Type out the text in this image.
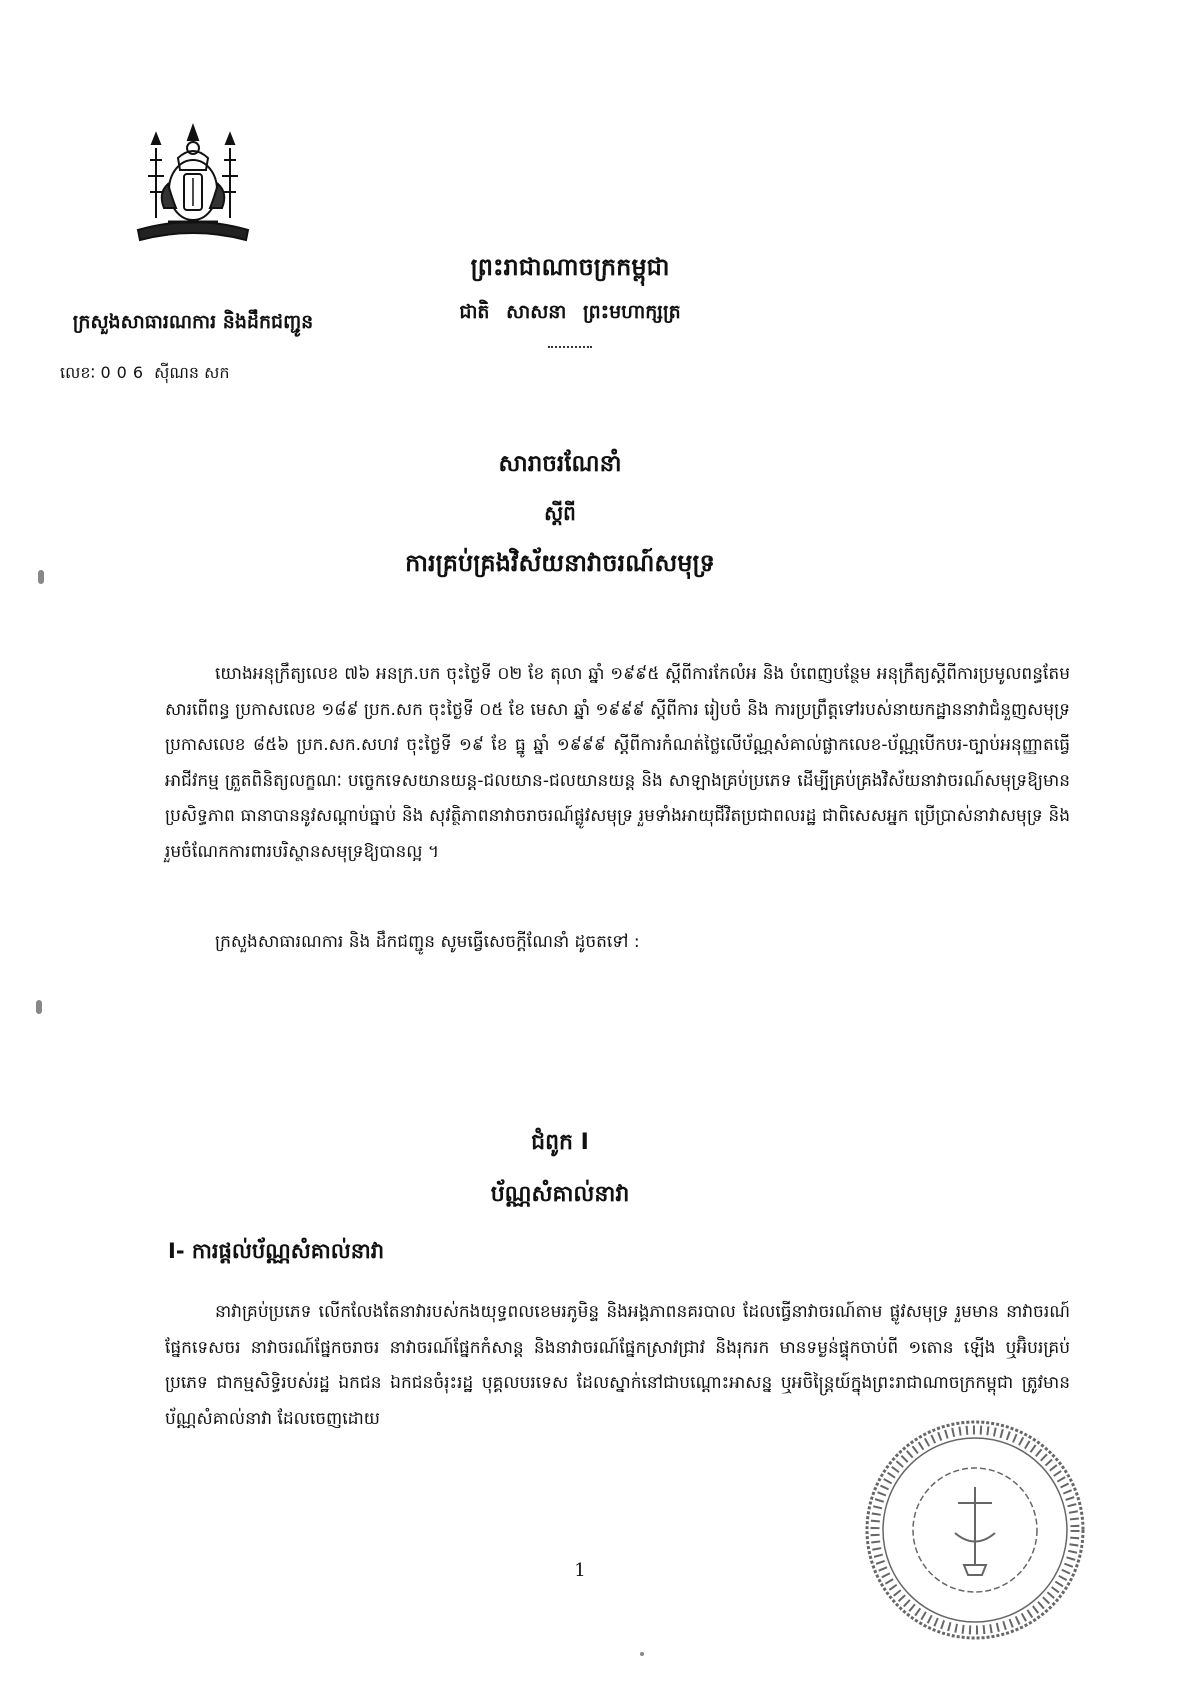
ក្រសួងសាធារណការ និងដឹកជញ្ជូន
លេខៈ 006 ស៊ីណន សក
ព្រះរាជាណាចក្រកម្ពុជា
ជាតិ សាសនា ព្រះមហាក្សត្រ
សារាចរណែនាំ
ស្ដីពី
ការគ្រប់គ្រងវិស័យនាវាចរណ៍សមុទ្រ
យោងអនុក្រឹត្យលេខ ៧៦ អនក្រ.បក ចុះថ្ងៃទី ០២ ខែ តុលា ឆ្នាំ ១៩៩៥ ស្ដីពីការកែលំអ និង បំពេញបន្ថែម អនុក្រឹត្យស្ដីពីការប្រមូលពន្ធតែមសារពើពន្ធ ប្រកាសលេខ ១៨៩ ប្រក.សក ចុះថ្ងៃទី ០៥ ខែ មេសា ឆ្នាំ ១៩៩៩ ស្ដីពីការ រៀបចំ និង ការប្រព្រឹត្តទៅរបស់នាយកដ្ឋាននាវាជំនួញសមុទ្រ ប្រកាសលេខ ៨៥៦ ប្រក.សក.សហវ ចុះថ្ងៃទី ១៩ ខែ ធ្នូ ឆ្នាំ ១៩៩៩ ស្ដីពីការកំណត់ថ្លៃលើប័ណ្ណសំគាល់ផ្លាកលេខ-ប័ណ្ណបើកបរ-ច្បាប់អនុញ្ញាតធ្វើអាជីវកម្ម ត្រួតពិនិត្យលក្ខណៈ បច្ចេកទេសយានយន្ត-ជលយាន-ជលយានយន្ត និង សាឡាងគ្រប់ប្រភេទ ដើម្បីគ្រប់គ្រងវិស័យនាវាចរណ៍សមុទ្រឱ្យមាន ប្រសិទ្ធភាព ធានាបាននូវសណ្ដាប់ធ្នាប់ និង សុវត្ថិភាពនាវាចរាចរណ៍ផ្លូវសមុទ្រ រួមទាំងអាយុជីវិតប្រជាពលរដ្ឋ ជាពិសេសអ្នក ប្រើប្រាស់នាវាសមុទ្រ និង រួមចំណែកការពារបរិស្ថានសមុទ្រឱ្យបានល្អ ។
ក្រសួងសាធារណការ និង ដឹកជញ្ជូន សូមធ្វើសេចក្ដីណែនាំ ដូចតទៅ :
ជំពូក I
ប័ណ្ណសំគាល់នាវា
I- ការផ្ដល់ប័ណ្ណសំគាល់នាវា
នាវាគ្រប់ប្រភេទ លើកលែងតែនាវារបស់កងយុទ្ធពលខេមរភូមិន្ទ និងអង្គភាពនគរបាល ដែលធ្វើនាវាចរណ៍តាម ផ្លូវសមុទ្រ រួមមាន នាវាចរណ៍ផ្នែកទេសចរ នាវាចរណ៍ផ្នែកចរាចរ នាវាចរណ៍ផ្នែកកំសាន្ត និងនាវាចរណ៍ផ្នែកស្រាវជ្រាវ និងរុករក មានទម្ងន់ផ្ទុកចាប់ពី ១តោន ឡើង ឬអ៊ិបរគ្រប់ប្រភេទ ជាកម្មសិទ្ធិរបស់រដ្ឋ ឯកជន ឯកជនចំរុះរដ្ឋ បុគ្គលបរទេស ដែលស្នាក់នៅជាបណ្ដោះអាសន្ន ឬអចិន្ត្រៃយ៍ក្នុងព្រះរាជាណាចក្រកម្ពុជា ត្រូវមានប័ណ្ណសំគាល់នាវា ដែលចេញដោយ
1
